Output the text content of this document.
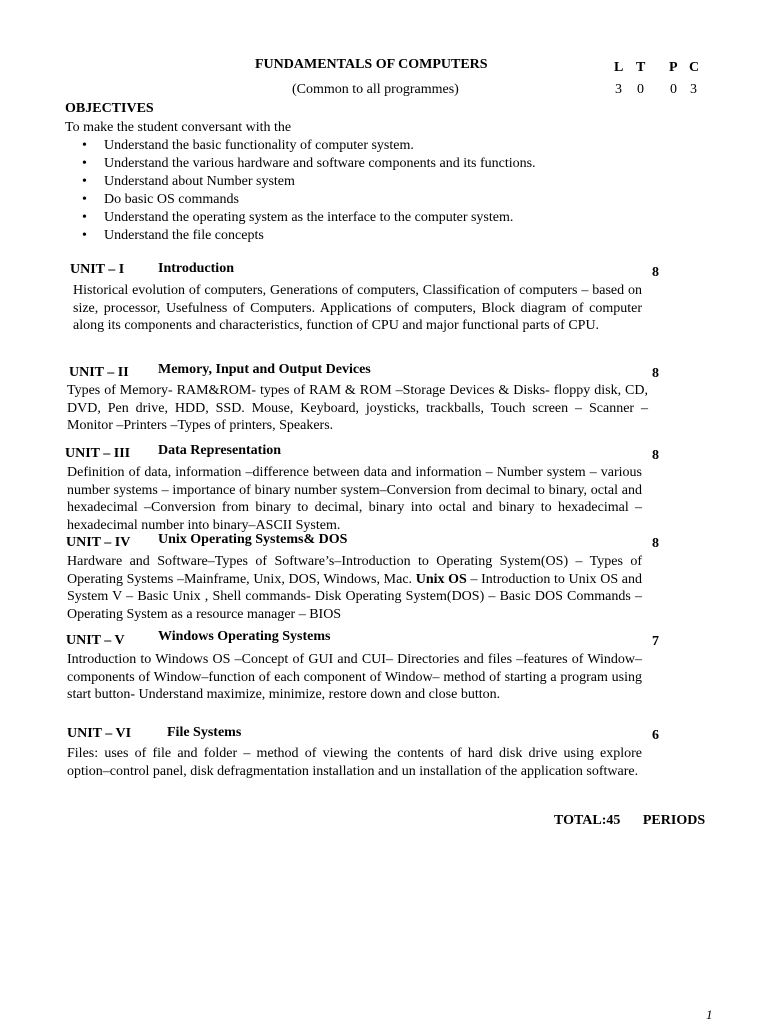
FUNDAMENTALS OF COMPUTERS
(Common to all programmes)
L T P C
3 0 0 3
OBJECTIVES
To make the student conversant with the
• Understand the basic functionality of computer system.
• Understand the various hardware and software components and its functions.
• Understand about Number system
• Do basic OS commands
• Understand the operating system as the interface to the computer system.
• Understand the file concepts
UNIT – I Introduction	8
Historical evolution of computers, Generations of computers, Classification of computers – based on size, processor, Usefulness of Computers. Applications of computers, Block diagram of computer along its components and characteristics, function of CPU and major functional parts of CPU.
UNIT – II Memory, Input and Output Devices	8
Types of Memory- RAM&ROM- types of RAM & ROM –Storage Devices & Disks- floppy disk, CD, DVD, Pen drive, HDD, SSD. Mouse, Keyboard, joysticks, trackballs, Touch screen – Scanner –Monitor –Printers –Types of printers, Speakers.
UNIT – III Data Representation	8
Definition of data, information –difference between data and information – Number system – various number systems – importance of binary number system–Conversion from decimal to binary, octal and hexadecimal –Conversion from binary to decimal, binary into octal and binary to hexadecimal –hexadecimal number into binary–ASCII System.
UNIT – IV Unix Operating Systems& DOS	8
Hardware and Software–Types of Software’s–Introduction to Operating System(OS) – Types of Operating Systems –Mainframe, Unix, DOS, Windows, Mac. Unix OS – Introduction to Unix OS and System V – Basic Unix , Shell commands- Disk Operating System(DOS) – Basic DOS Commands – Operating System as a resource manager – BIOS
UNIT – V Windows Operating Systems	7
Introduction to Windows OS –Concept of GUI and CUI– Directories and files –features of Window–components of Window–function of each component of Window– method of starting a program using start button- Understand maximize, minimize, restore down and close button.
UNIT – VI	File Systems	6
Files: uses of file and folder – method of viewing the contents of hard disk drive using explore option–control panel, disk defragmentation installation and un installation of the application software.
TOTAL:45   PERIODS
1
